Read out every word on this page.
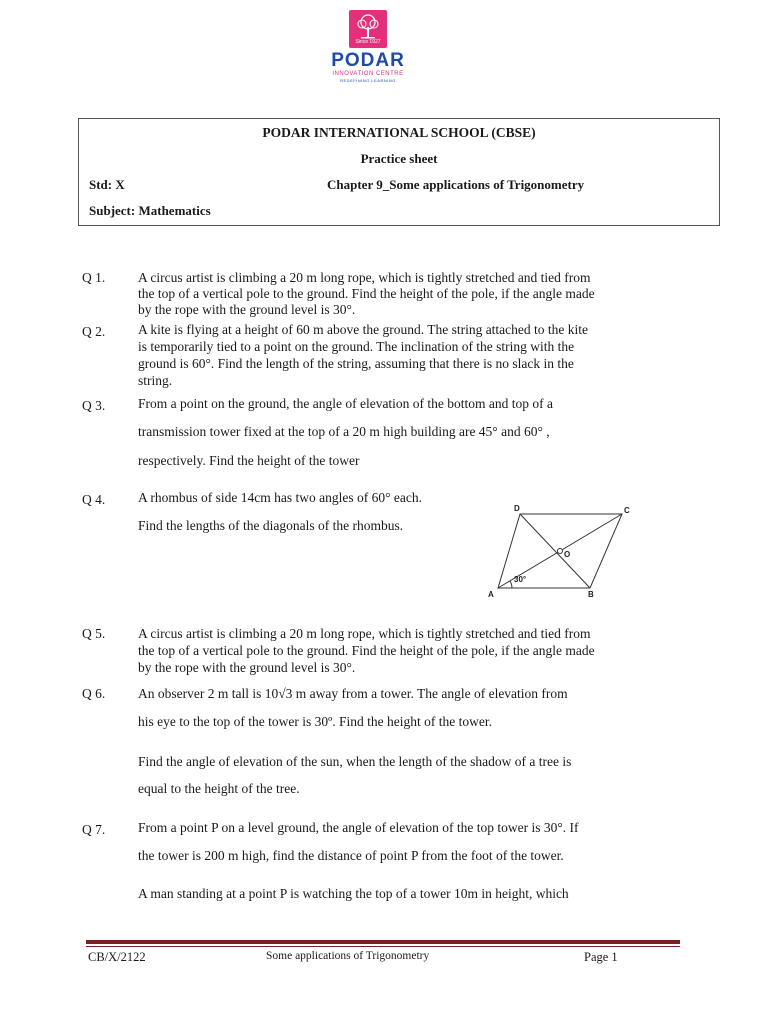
Since 1927
PODAR
INNOVATION CENTRE
REDEFINING LEARNING
PODAR INTERNATIONAL SCHOOL (CBSE)
Practice sheet
Std: X	Chapter 9_Some applications of Trigonometry
Subject: Mathematics
Q 1. A circus artist is climbing a 20 m long rope, which is tightly stretched and tied from
the top of a vertical pole to the ground. Find the height of the pole, if the angle made
by the rope with the ground level is 30°.
Q 2. A kite is flying at a height of 60 m above the ground. The string attached to the kite
is temporarily tied to a point on the ground. The inclination of the string with the
ground is 60°. Find the length of the string, assuming that there is no slack in the
string.
Q 3. From a point on the ground, the angle of elevation of the bottom and top of a
transmission tower fixed at the top of a 20 m high building are 45° and 60° ,
respectively. Find the height of the tower
Q 4. A rhombus of side 14cm has two angles of 60° each.
Find the lengths of the diagonals of the rhombus.
A	B
C
D
O
30°
Q 5. A circus artist is climbing a 20 m long rope, which is tightly stretched and tied from
the top of a vertical pole to the ground. Find the height of the pole, if the angle made
by the rope with the ground level is 30°.
Q 6. An observer 2 m tall is 10√3 m away from a tower. The angle of elevation from
his eye to the top of the tower is 30º. Find the height of the tower.
Find the angle of elevation of the sun, when the length of the shadow of a tree is
equal to the height of the tree.
Q 7. From a point P on a level ground, the angle of elevation of the top tower is 30°. If
the tower is 200 m high, find the distance of point P from the foot of the tower.
A man standing at a point P is watching the top of a tower 10m in height, which
CB/X/2122	Some applications of Trigonometry	Page 1
